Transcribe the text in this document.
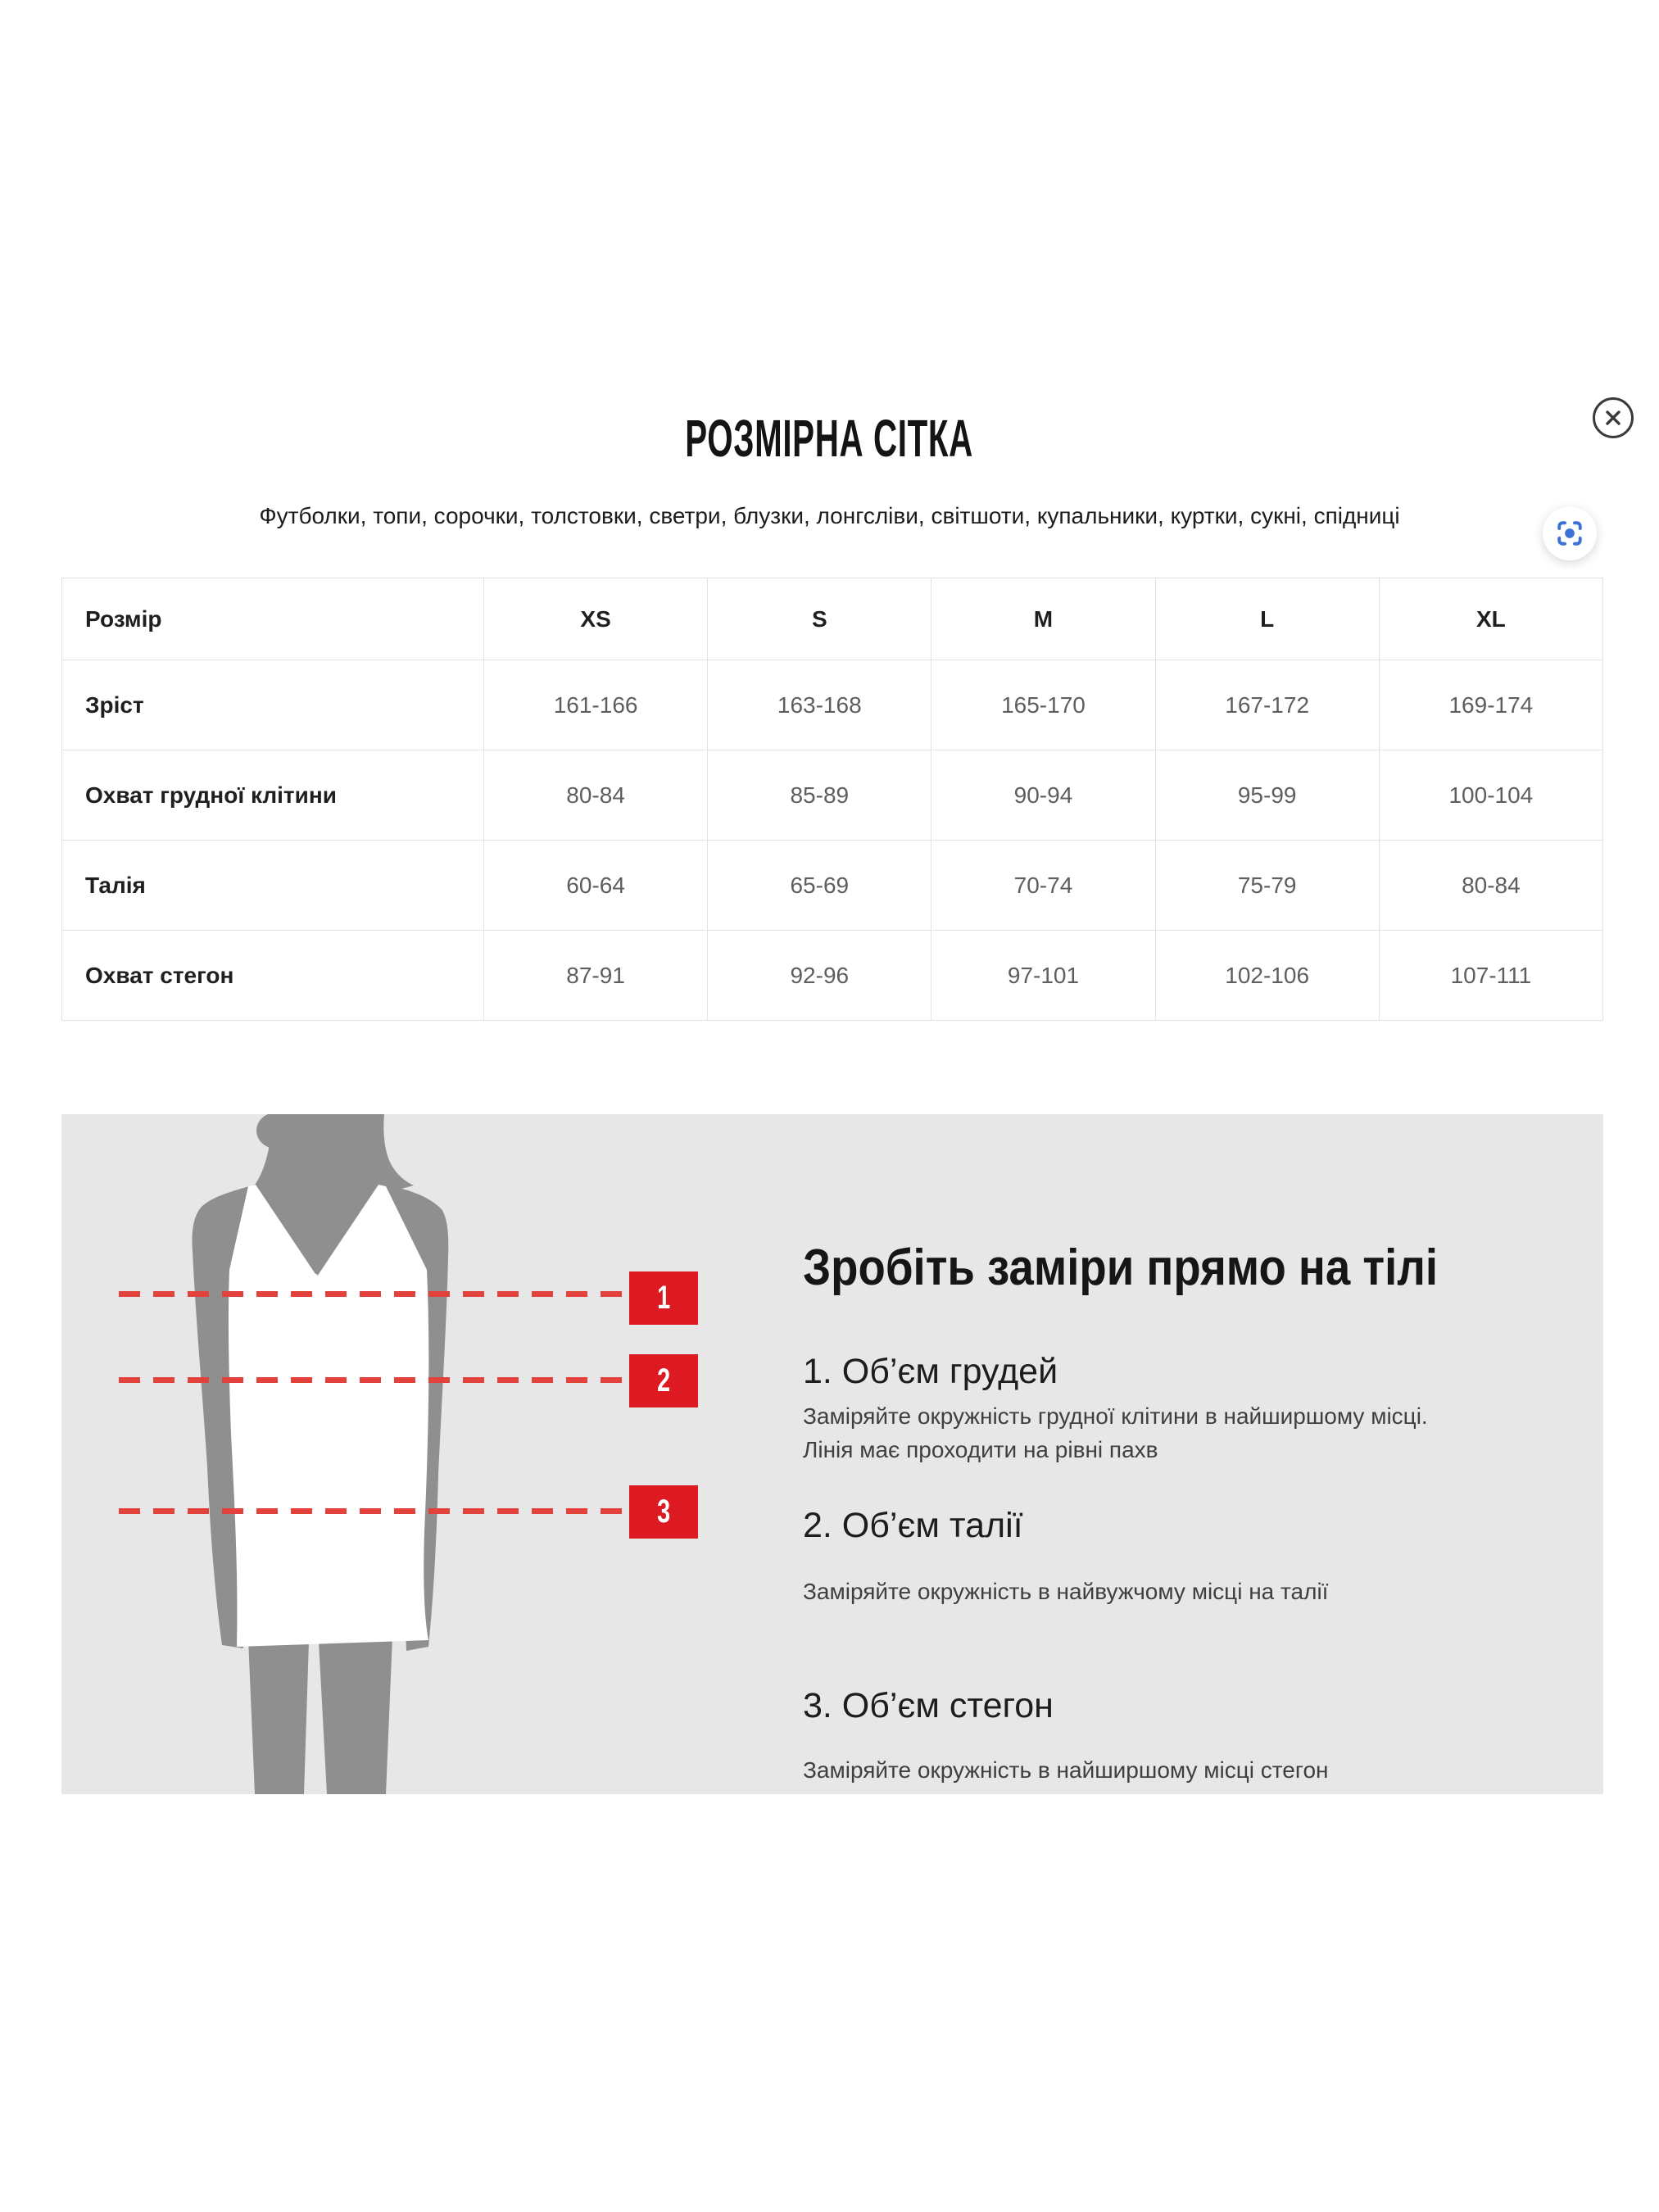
РОЗМІРНА СІТКА
Футболки, топи, сорочки, толстовки, светри, блузки, лонгсліви, світшоти, купальники, куртки, сукні, спідниці
Розмір	XS	S	M	L	XL
Зріст	161-166	163-168	165-170	167-172	169-174
Охват грудної клітини	80-84	85-89	90-94	95-99	100-104
Талія	60-64	65-69	70-74	75-79	80-84
Охват стегон	87-91	92-96	97-101	102-106	107-111
1
2
3
Зробіть заміри прямо на тілі
1. Об’єм грудей
Заміряйте окружність грудної клітини в найширшому місці.
Лінія має проходити на рівні пахв
2. Об’єм талії
Заміряйте окружність в найвужчому місці на талії
3. Об’єм стегон
Заміряйте окружність в найширшому місці стегон
